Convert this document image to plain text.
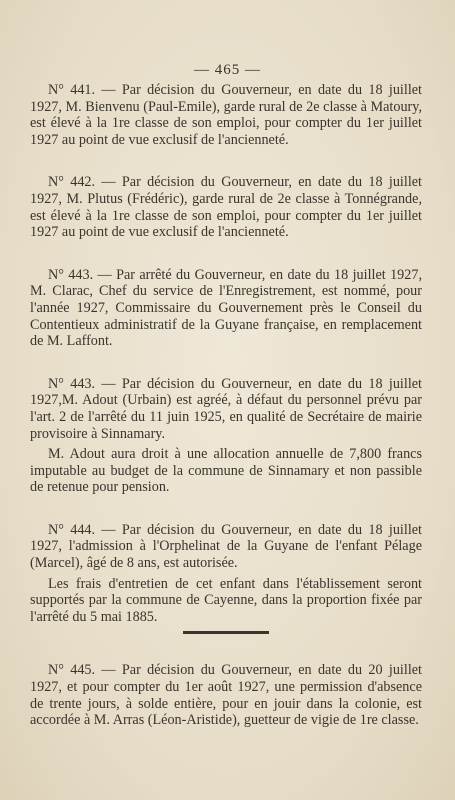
— 465 —

N° 441. — Par décision du Gouverneur, en date du 18 juillet 1927, M. Bienvenu (Paul-Emile), garde rural de 2e classe à Matoury, est élevé à la 1re classe de son emploi, pour compter du 1er juillet 1927 au point de vue exclusif de l'ancienneté.

N° 442. — Par décision du Gouverneur, en date du 18 juillet 1927, M. Plutus (Frédéric), garde rural de 2e classe à Tonnégrande, est élevé à la 1re classe de son emploi, pour compter du 1er juillet 1927 au point de vue exclusif de l'ancienneté.

N° 443. — Par arrêté du Gouverneur, en date du 18 juillet 1927, M. Clarac, Chef du service de l'Enregistrement, est nommé, pour l'année 1927, Commissaire du Gouvernement près le Conseil du Contentieux administratif de la Guyane française, en remplacement de M. Laffont.

N° 443. — Par décision du Gouverneur, en date du 18 juillet 1927,M. Adout (Urbain) est agréé, à défaut du personnel prévu par l'art. 2 de l'arrêté du 11 juin 1925, en qualité de Secrétaire de mairie provisoire à Sinnamary.

M. Adout aura droit à une allocation annuelle de 7,800 francs imputable au budget de la commune de Sinnamary et non passible de retenue pour pension.

N° 444. — Par décision du Gouverneur, en date du 18 juillet 1927, l'admission à l'Orphelinat de la Guyane de l'enfant Pélage (Marcel), âgé de 8 ans, est autorisée.

Les frais d'entretien de cet enfant dans l'établissement seront supportés par la commune de Cayenne, dans la proportion fixée par l'arrêté du 5 mai 1885.

N° 445. — Par décision du Gouverneur, en date du 20 juillet 1927, et pour compter du 1er août 1927, une permission d'absence de trente jours, à solde entière, pour en jouir dans la colonie, est accordée à M. Arras (Léon-Aristide), guetteur de vigie de 1re classe.
